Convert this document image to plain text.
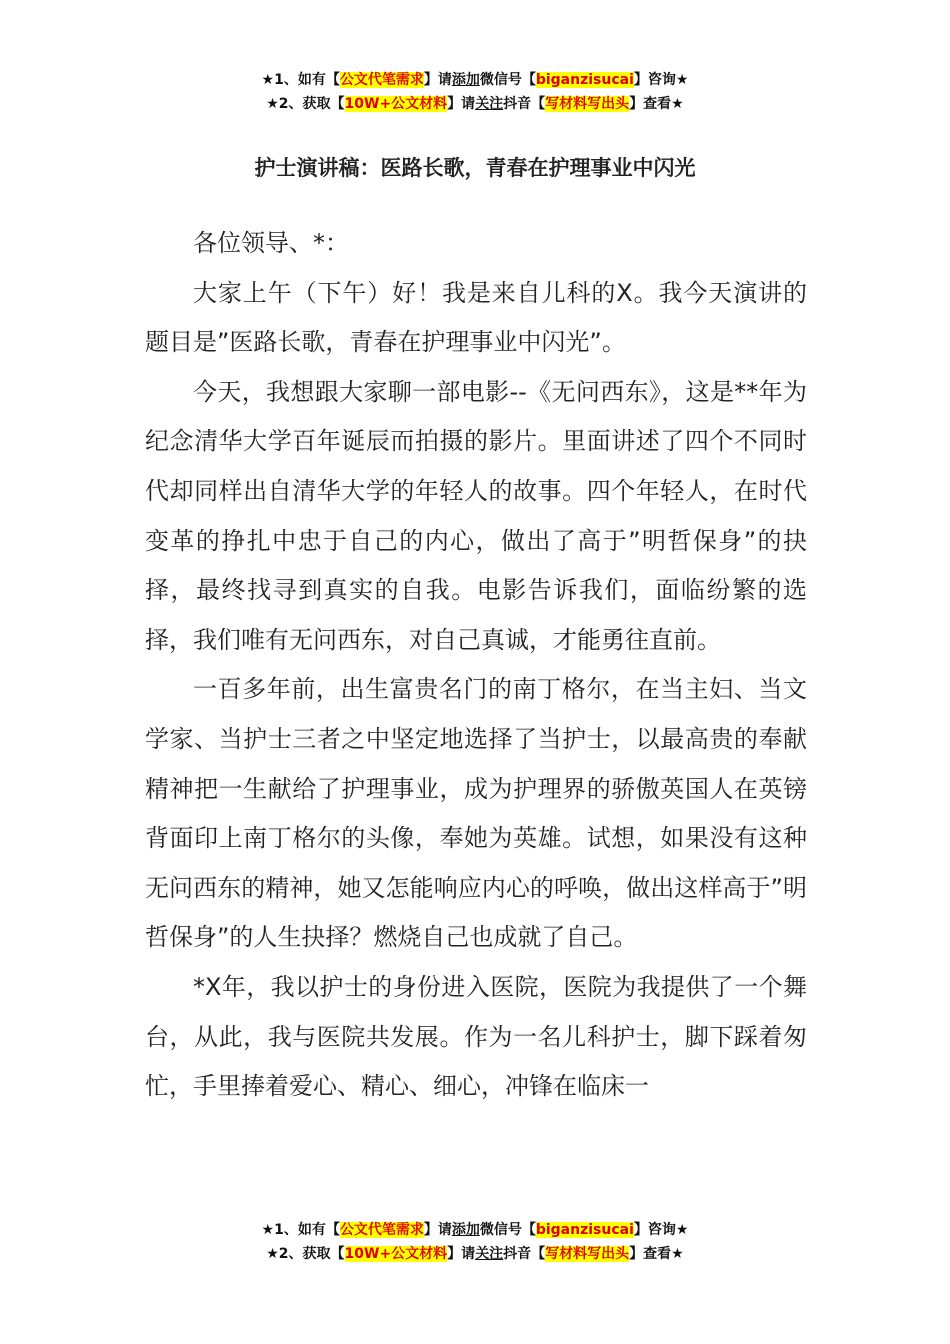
★1、如有【公文代笔需求】请添加微信号【biganzisucai】咨询★
★2、获取【10W+公文材料】请关注抖音【写材料写出头】查看★
护士演讲稿：医路长歌，青春在护理事业中闪光

各位领导、*：

大家上午（下午）好！我是来自儿科的X。我今天演讲的题目是”医路长歌，青春在护理事业中闪光”。

今天，我想跟大家聊一部电影--《无问西东》，这是**年为纪念清华大学百年诞辰而拍摄的影片。里面讲述了四个不同时代却同样出自清华大学的年轻人的故事。四个年轻人，在时代变革的挣扎中忠于自己的内心，做出了高于”明哲保身”的抉择，最终找寻到真实的自我。电影告诉我们，面临纷繁的选择，我们唯有无问西东，对自己真诚，才能勇往直前。

一百多年前，出生富贵名门的南丁格尔，在当主妇、当文学家、当护士三者之中坚定地选择了当护士，以最高贵的奉献精神把一生献给了护理事业，成为护理界的骄傲英国人在英镑背面印上南丁格尔的头像，奉她为英雄。试想，如果没有这种无问西东的精神，她又怎能响应内心的呼唤，做出这样高于”明哲保身”的人生抉择？燃烧自己也成就了自己。

*X年，我以护士的身份进入医院，医院为我提供了一个舞台，从此，我与医院共发展。作为一名儿科护士，脚下踩着匆忙，手里捧着爱心、精心、细心，冲锋在临床一

★1、如有【公文代笔需求】请添加微信号【biganzisucai】咨询★
★2、获取【10W+公文材料】请关注抖音【写材料写出头】查看★
